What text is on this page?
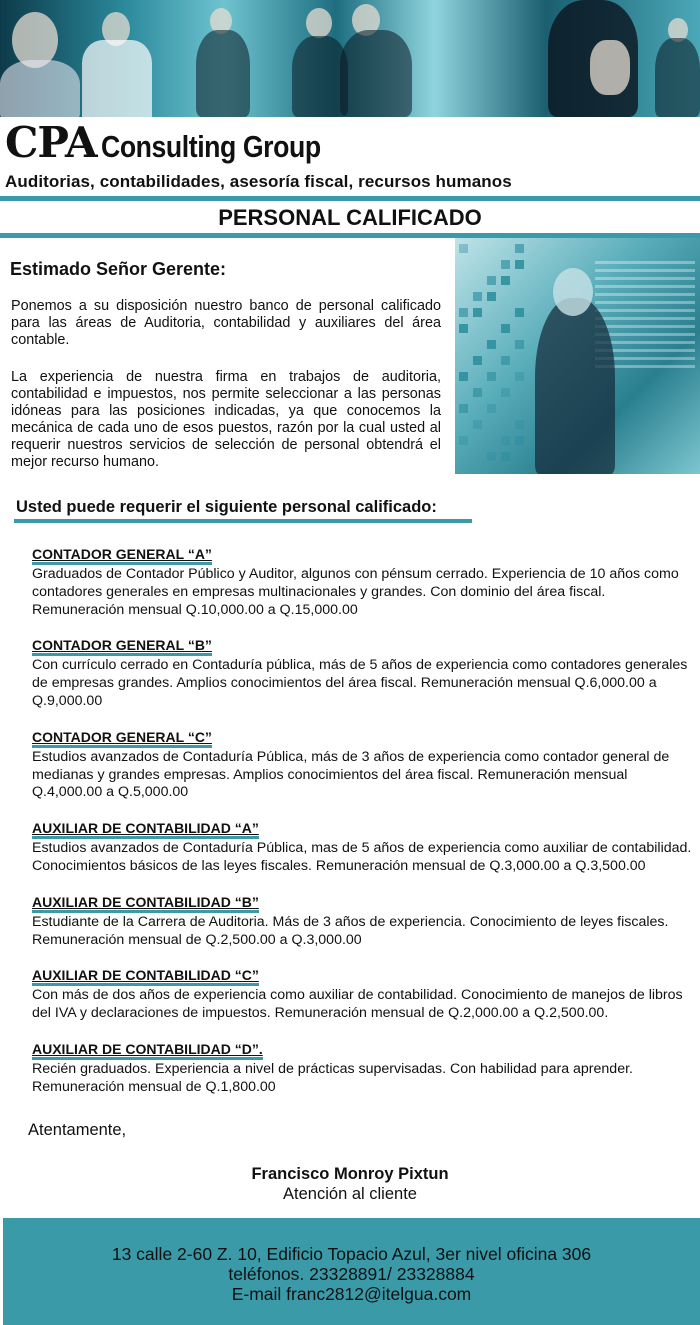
CPA Consulting Group
Auditorias, contabilidades, asesoría fiscal, recursos humanos
PERSONAL CALIFICADO
Estimado Señor Gerente:
Ponemos a su disposición nuestro banco de personal calificado para las áreas de Auditoria, contabilidad y auxiliares del área contable.
La experiencia de nuestra firma en trabajos de auditoria, contabilidad e impuestos, nos permite seleccionar a las personas idóneas para las posiciones indicadas, ya que conocemos la mecánica de cada uno de esos puestos, razón por la cual usted al requerir nuestros servicios de selección de personal obtendrá el mejor recurso humano.
Usted puede requerir el siguiente personal calificado:
CONTADOR GENERAL “A”
Graduados de Contador Público y Auditor, algunos con pénsum cerrado. Experiencia de 10 años como contadores generales en empresas multinacionales y grandes. Con dominio del área fiscal. Remuneración mensual Q.10,000.00 a Q.15,000.00
CONTADOR GENERAL “B”
Con currículo cerrado en Contaduría pública, más de 5 años de experiencia como contadores generales de empresas grandes. Amplios conocimientos del área fiscal. Remuneración mensual Q.6,000.00 a Q.9,000.00
CONTADOR GENERAL “C”
Estudios avanzados de Contaduría Pública, más de 3 años de experiencia como contador general de medianas y grandes empresas. Amplios conocimientos del área fiscal. Remuneración mensual Q.4,000.00 a Q.5,000.00
AUXILIAR DE CONTABILIDAD “A”
Estudios avanzados de Contaduría Pública, mas de 5 años de experiencia como auxiliar de contabilidad. Conocimientos básicos de las leyes fiscales. Remuneración mensual de Q.3,000.00 a Q.3,500.00
AUXILIAR DE CONTABILIDAD “B”
Estudiante de la Carrera de Auditoria. Más de 3 años de experiencia. Conocimiento de leyes fiscales. Remuneración mensual de Q.2,500.00 a Q.3,000.00
AUXILIAR DE CONTABILIDAD “C”
Con más de dos años de experiencia como auxiliar de contabilidad. Conocimiento de manejos de libros del IVA y declaraciones de impuestos. Remuneración mensual de Q.2,000.00 a Q.2,500.00.
AUXILIAR DE CONTABILIDAD “D”.
Recién graduados. Experiencia a nivel de prácticas supervisadas. Con habilidad para aprender. Remuneración mensual de Q.1,800.00
Atentamente,
Francisco Monroy Pixtun
Atención al cliente
13 calle 2-60 Z. 10, Edificio Topacio Azul, 3er nivel oficina 306
teléfonos. 23328891/ 23328884
E-mail franc2812@itelgua.com
